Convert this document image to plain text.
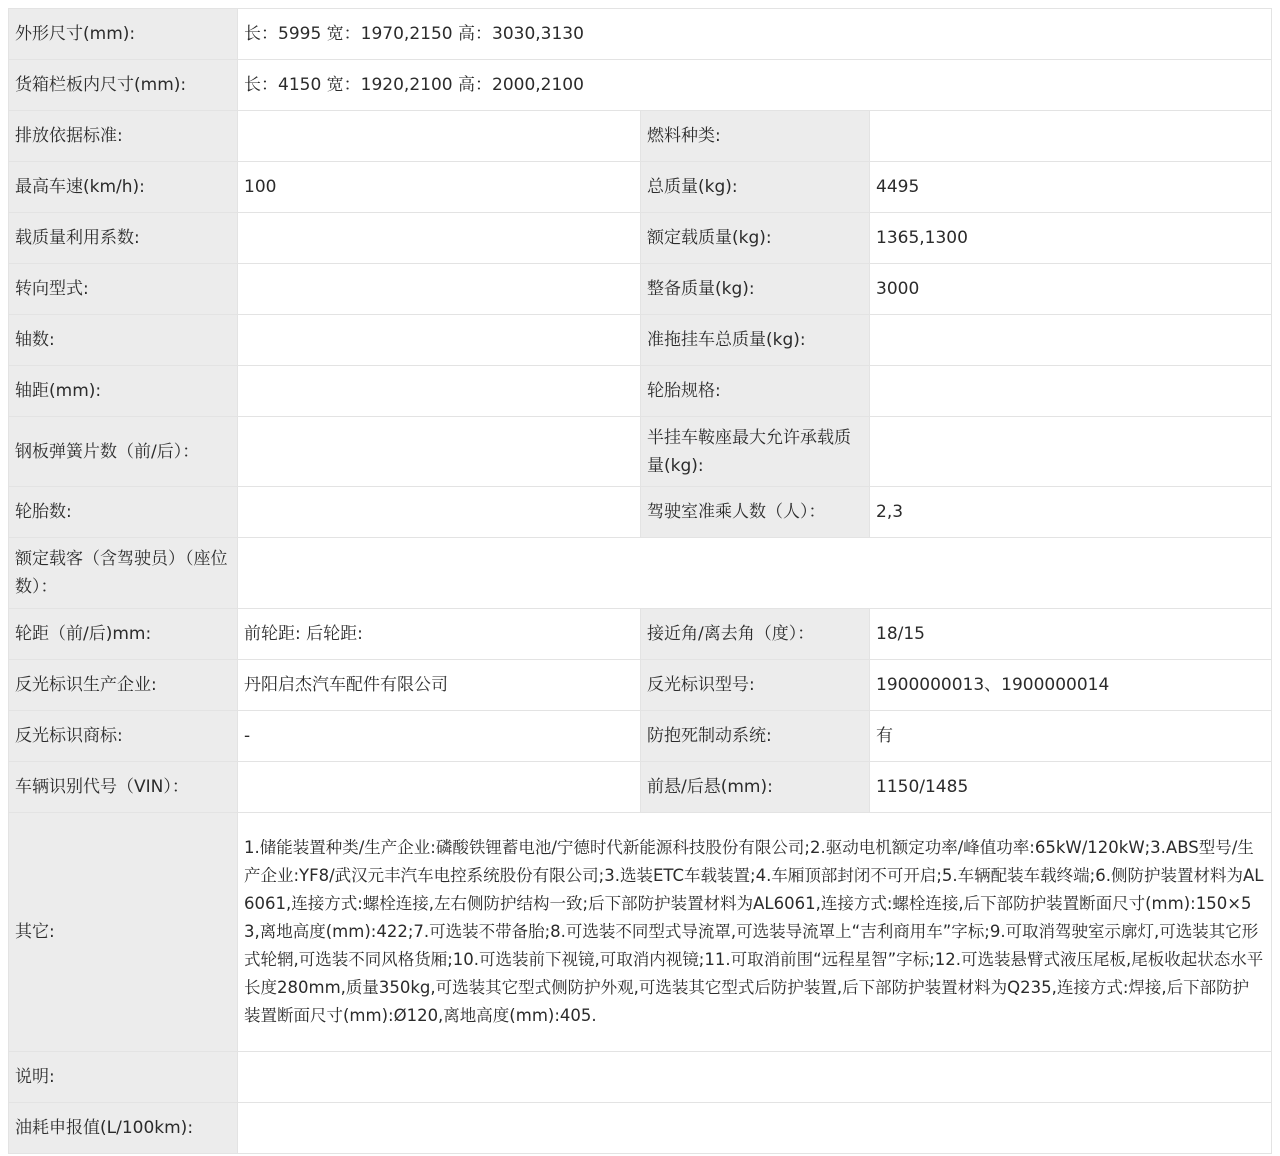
外形尺寸(mm):	长：5995 宽：1970,2150 高：3030,3130		
货箱栏板内尺寸(mm):	长：4150 宽：1920,2100 高：2000,2100		
排放依据标准:		燃料种类:	
最高车速(km/h):	100	总质量(kg):	4495
载质量利用系数:		额定载质量(kg):	1365,1300
转向型式:		整备质量(kg):	3000
轴数:		准拖挂车总质量(kg):	
轴距(mm):		轮胎规格:	
钢板弹簧片数（前/后）：		半挂车鞍座最大允许承载质量(kg):	
轮胎数:		驾驶室准乘人数（人）：	2,3
额定载客（含驾驶员）（座位数）：			
轮距（前/后)mm:	前轮距: 后轮距:	接近角/离去角（度）：	18/15
反光标识生产企业:	丹阳启杰汽车配件有限公司	反光标识型号:	1900000013、1900000014
反光标识商标:	-	防抱死制动系统:	有
车辆识别代号（VIN）：		前悬/后悬(mm):	1150/1485
其它:	1.储能装置种类/生产企业:磷酸铁锂蓄电池/宁德时代新能源科技股份有限公司;2.驱动电机额定功率/峰值功率:65kW/120kW;3.ABS型号/生产企业:YF8/武汉元丰汽车电控系统股份有限公司;3.选装ETC车载装置;4.车厢顶部封闭不可开启;5.车辆配装车载终端;6.侧防护装置材料为AL6061,连接方式:螺栓连接,左右侧防护结构一致;后下部防护装置材料为AL6061,连接方式:螺栓连接,后下部防护装置断面尺寸(mm):150×53,离地高度(mm):422;7.可选装不带备胎;8.可选装不同型式导流罩,可选装导流罩上“吉利商用车”字标;9.可取消驾驶室示廓灯,可选装其它形式轮辋,可选装不同风格货厢;10.可选装前下视镜,可取消内视镜;11.可取消前围“远程星智”字标;12.可选装悬臂式液压尾板,尾板收起状态水平长度280mm,质量350kg,可选装其它型式侧防护外观,可选装其它型式后防护装置,后下部防护装置材料为Q235,连接方式:焊接,后下部防护装置断面尺寸(mm):Ø120,离地高度(mm):405.		
说明:			
油耗申报值(L/100km):			
